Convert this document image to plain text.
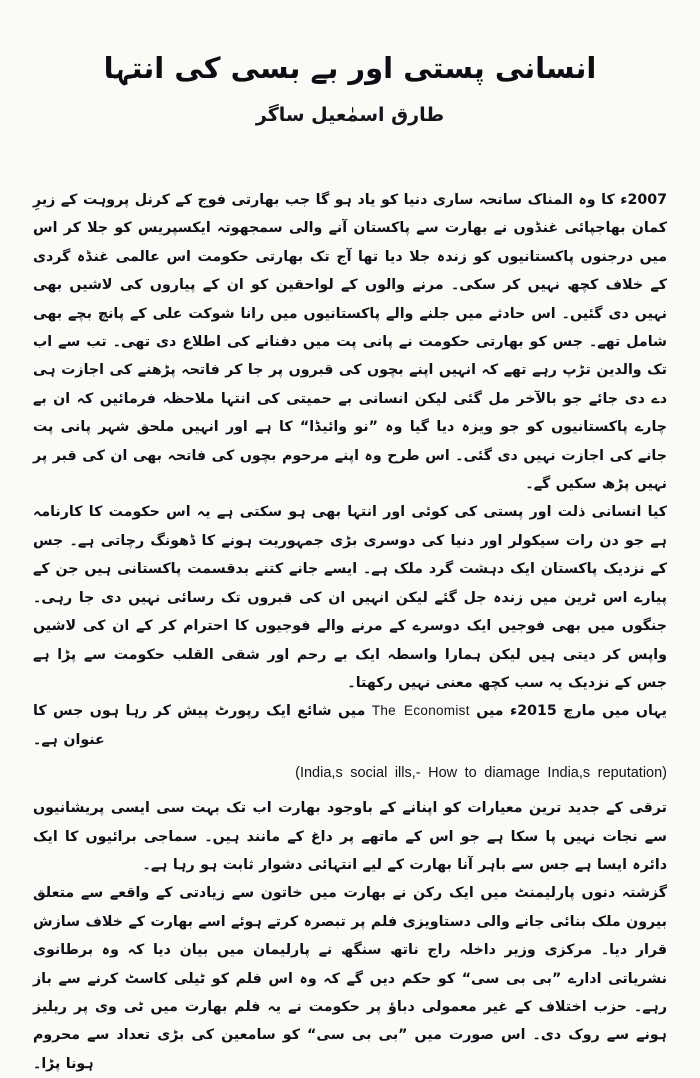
انسانی پستی اور بے بسی کی انتہا

طارق اسمٰعیل ساگر

2007ء کا وہ المناک سانحہ ساری دنیا کو یاد ہو گا جب بھارتی فوج کے کرنل پروہت کے زیرِ کمان بھاجپائی غنڈوں نے بھارت سے پاکستان آنے والی سمجھوتہ ایکسپریس کو جلا کر اس میں درجنوں پاکستانیوں کو زندہ جلا دیا تھا آج تک بھارتی حکومت اس عالمی غنڈہ گردی کے خلاف کچھ نہیں کر سکی۔ مرنے والوں کے لواحقین کو ان کے پیاروں کی لاشیں بھی نہیں دی گئیں۔ اس حادثے میں جلنے والے پاکستانیوں میں رانا شوکت علی کے پانچ بچے بھی شامل تھے۔ جس کو بھارتی حکومت نے پانی پت میں دفنانے کی اطلاع دی تھی۔ تب سے اب تک والدین تڑپ رہے تھے کہ انہیں اپنے بچوں کی قبروں پر جا کر فاتحہ پڑھنے کی اجازت ہی دے دی جائے جو بالآخر مل گئی لیکن انسانی بے حمیتی کی انتہا ملاحظہ فرمائیں کہ ان بے چارے پاکستانیوں کو جو ویزہ دیا گیا وہ ”نو وائیڈا“ کا ہے اور انہیں ملحق شہر پانی پت جانے کی اجازت نہیں دی گئی۔ اس طرح وہ اپنے مرحوم بچوں کی فاتحہ بھی ان کی قبر پر نہیں پڑھ سکیں گے۔

کیا انسانی ذلت اور پستی کی کوئی اور انتہا بھی ہو سکتی ہے یہ اس حکومت کا کارنامہ ہے جو دن رات سیکولر اور دنیا کی دوسری بڑی جمہوریت ہونے کا ڈھونگ رچاتی ہے۔ جس کے نزدیک پاکستان ایک دہشت گرد ملک ہے۔ ایسے جانے کتنے بدقسمت پاکستانی ہیں جن کے پیارے اس ٹرین میں زندہ جل گئے لیکن انہیں ان کی قبروں تک رسائی نہیں دی جا رہی۔ جنگوں میں بھی فوجیں ایک دوسرے کے مرنے والے فوجیوں کا احترام کر کے ان کی لاشیں واپس کر دیتی ہیں لیکن ہمارا واسطہ ایک بے رحم اور شقی القلب حکومت سے پڑا ہے جس کے نزدیک یہ سب کچھ معنی نہیں رکھتا۔

یہاں میں مارچ 2015ء میں The Economist میں شائع ایک رپورٹ پیش کر رہا ہوں جس کا عنوان ہے۔

(India,s social ills,- How to diamage India,s reputation)

ترقی کے جدید ترین معیارات کو اپنانے کے باوجود بھارت اب تک بہت سی ایسی پریشانیوں سے نجات نہیں پا سکا ہے جو اس کے ماتھے پر داغ کے مانند ہیں۔ سماجی برائیوں کا ایک دائرہ ایسا ہے جس سے باہر آنا بھارت کے لیے انتہائی دشوار ثابت ہو رہا ہے۔

گزشتہ دنوں پارلیمنٹ میں ایک رکن نے بھارت میں خاتون سے زیادتی کے واقعے سے متعلق بیرون ملک بنائی جانے والی دستاویزی فلم پر تبصرہ کرتے ہوئے اسے بھارت کے خلاف سازش قرار دیا۔ مرکزی وزیر داخلہ راج ناتھ سنگھ نے پارلیمان میں بیان دیا کہ وہ برطانوی نشریاتی ادارے ”بی بی سی“ کو حکم دیں گے کہ وہ اس فلم کو ٹیلی کاسٹ کرنے سے باز رہے۔ حزب اختلاف کے غیر معمولی دباؤ پر حکومت نے یہ فلم بھارت میں ٹی وی پر ریلیز ہونے سے روک دی۔ اس صورت میں ”بی بی سی“ کو سامعین کی بڑی تعداد سے محروم ہونا پڑا۔
